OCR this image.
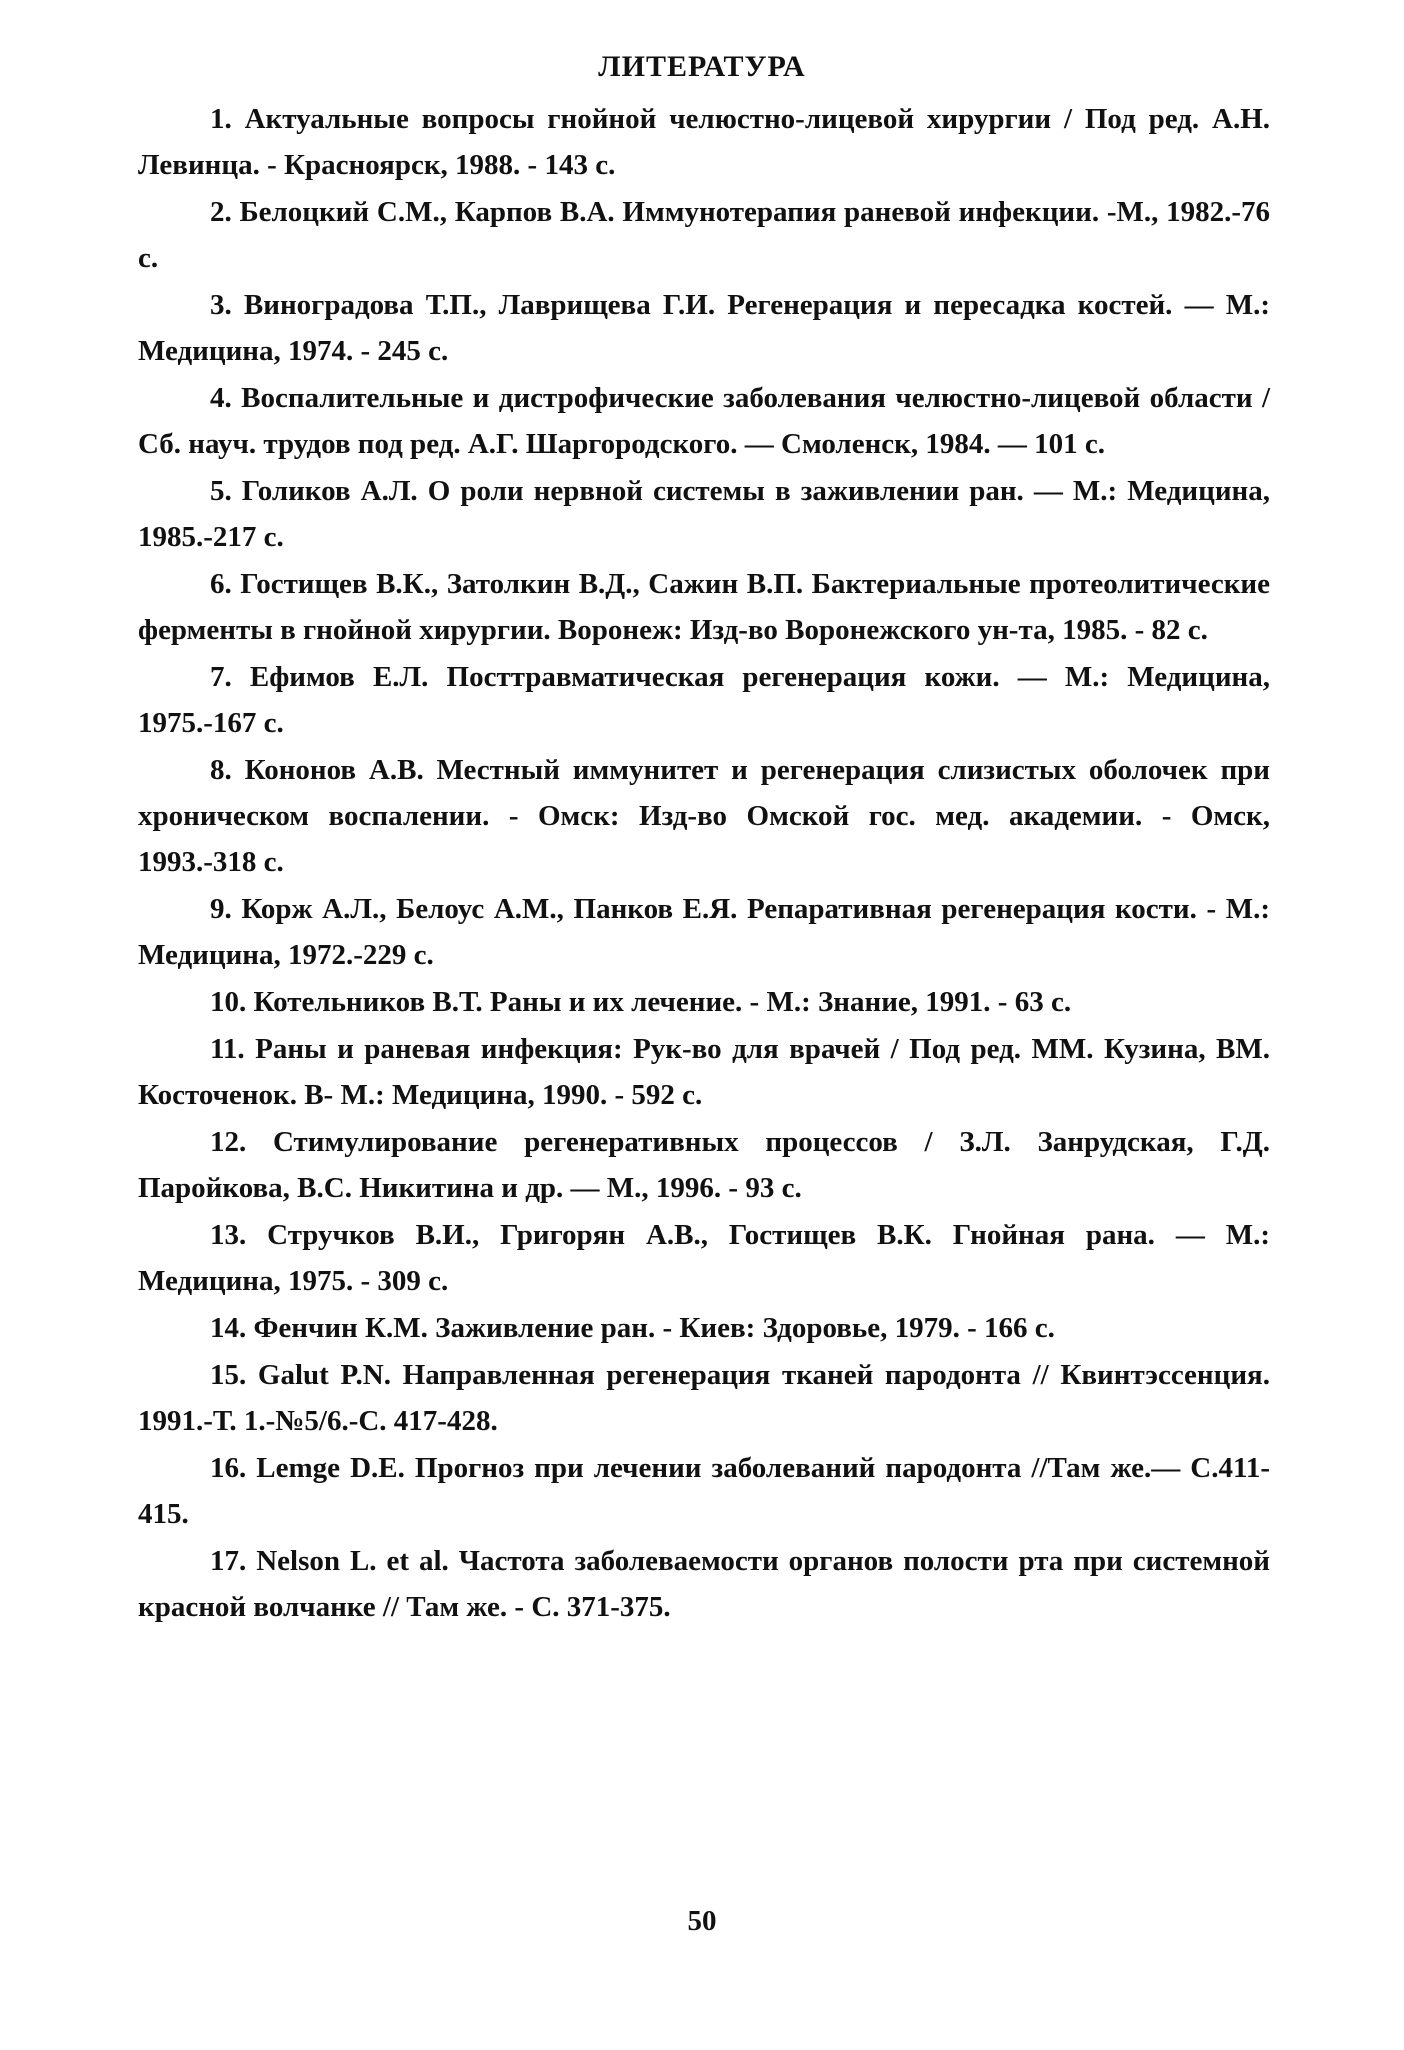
ЛИТЕРАТУРА
1. Актуальные вопросы гнойной челюстно-лицевой хирургии / Под ред. А.Н. Левинца. - Красноярск, 1988. - 143 с.
2. Белоцкий С.М., Карпов В.А. Иммунотерапия раневой инфекции. -М., 1982.-76 с.
3. Виноградова Т.П., Лаврищева Г.И. Регенерация и пересадка костей. — М.: Медицина, 1974. - 245 с.
4. Воспалительные и дистрофические заболевания челюстно-лицевой области / Сб. науч. трудов под ред. А.Г. Шаргородского. — Смоленск, 1984. — 101 с.
5. Голиков А.Л. О роли нервной системы в заживлении ран. — М.: Медицина, 1985.-217 с.
6. Гостищев В.К., Затолкин В.Д., Сажин В.П. Бактериальные протеолитические ферменты в гнойной хирургии. Воронеж: Изд-во Воронежского ун-та, 1985. - 82 с.
7. Ефимов Е.Л. Посттравматическая регенерация кожи. — М.: Медицина, 1975.-167 с.
8. Кононов А.В. Местный иммунитет и регенерация слизистых оболочек при хроническом воспалении. - Омск: Изд-во Омской гос. мед. академии. - Омск, 1993.-318 с.
9. Корж А.Л., Белоус А.М., Панков Е.Я. Репаративная регенерация кости. - М.: Медицина, 1972.-229 с.
10. Котельников В.Т. Раны и их лечение. - М.: Знание, 1991. - 63 с.
11. Раны и раневая инфекция: Рук-во для врачей / Под ред. ММ. Кузина, ВМ. Косточенок. В- М.: Медицина, 1990. - 592 с.
12. Стимулирование регенеративных процессов / З.Л. Занрудская, Г.Д. Паройкова, В.С. Никитина и др. — М., 1996. - 93 с.
13. Стручков В.И., Григорян А.В., Гостищев В.К. Гнойная рана. — М.: Медицина, 1975. - 309 с.
14. Фенчин К.М. Заживление ран. - Киев: Здоровье, 1979. - 166 с.
15. Galut P.N. Направленная регенерация тканей пародонта // Квинтэссенция. 1991.-Т. 1.-№5/6.-С. 417-428.
16. Lemge D.E. Прогноз при лечении заболеваний пародонта //Там же.— С.411-415.
17. Nelson L. et al. Частота заболеваемости органов полости рта при системной красной волчанке // Там же. - С. 371-375.
50
